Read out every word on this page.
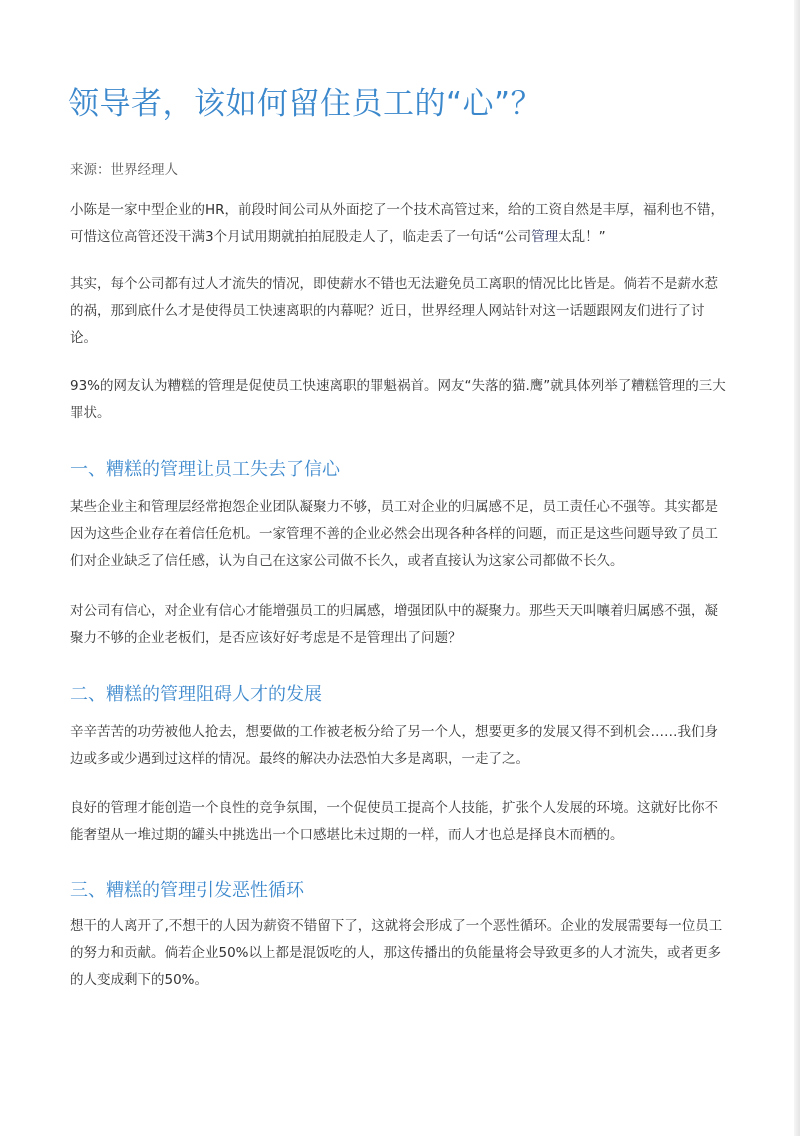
领导者，该如何留住员工的“心”？

来源：世界经理人

小陈是一家中型企业的HR，前段时间公司从外面挖了一个技术高管过来，给的工资自然是丰厚，福利也不错，可惜这位高管还没干满3个月试用期就拍拍屁股走人了，临走丢了一句话“公司管理太乱！”

其实，每个公司都有过人才流失的情况，即使薪水不错也无法避免员工离职的情况比比皆是。倘若不是薪水惹的祸，那到底什么才是使得员工快速离职的内幕呢？近日，世界经理人网站针对这一话题跟网友们进行了讨论。

93%的网友认为糟糕的管理是促使员工快速离职的罪魁祸首。网友“失落的猫.鹰”就具体列举了糟糕管理的三大罪状。

一、糟糕的管理让员工失去了信心

某些企业主和管理层经常抱怨企业团队凝聚力不够，员工对企业的归属感不足，员工责任心不强等。其实都是因为这些企业存在着信任危机。一家管理不善的企业必然会出现各种各样的问题，而正是这些问题导致了员工们对企业缺乏了信任感，认为自己在这家公司做不长久，或者直接认为这家公司都做不长久。

对公司有信心，对企业有信心才能增强员工的归属感，增强团队中的凝聚力。那些天天叫嚷着归属感不强，凝聚力不够的企业老板们，是否应该好好考虑是不是管理出了问题？

二、糟糕的管理阻碍人才的发展

辛辛苦苦的功劳被他人抢去，想要做的工作被老板分给了另一个人，想要更多的发展又得不到机会……我们身边或多或少遇到过这样的情况。最终的解决办法恐怕大多是离职，一走了之。

良好的管理才能创造一个良性的竞争氛围，一个促使员工提高个人技能，扩张个人发展的环境。这就好比你不能奢望从一堆过期的罐头中挑选出一个口感堪比未过期的一样，而人才也总是择良木而栖的。

三、糟糕的管理引发恶性循环

想干的人离开了,不想干的人因为薪资不错留下了，这就将会形成了一个恶性循环。企业的发展需要每一位员工的努力和贡献。倘若企业50%以上都是混饭吃的人，那这传播出的负能量将会导致更多的人才流失，或者更多的人变成剩下的50%。
